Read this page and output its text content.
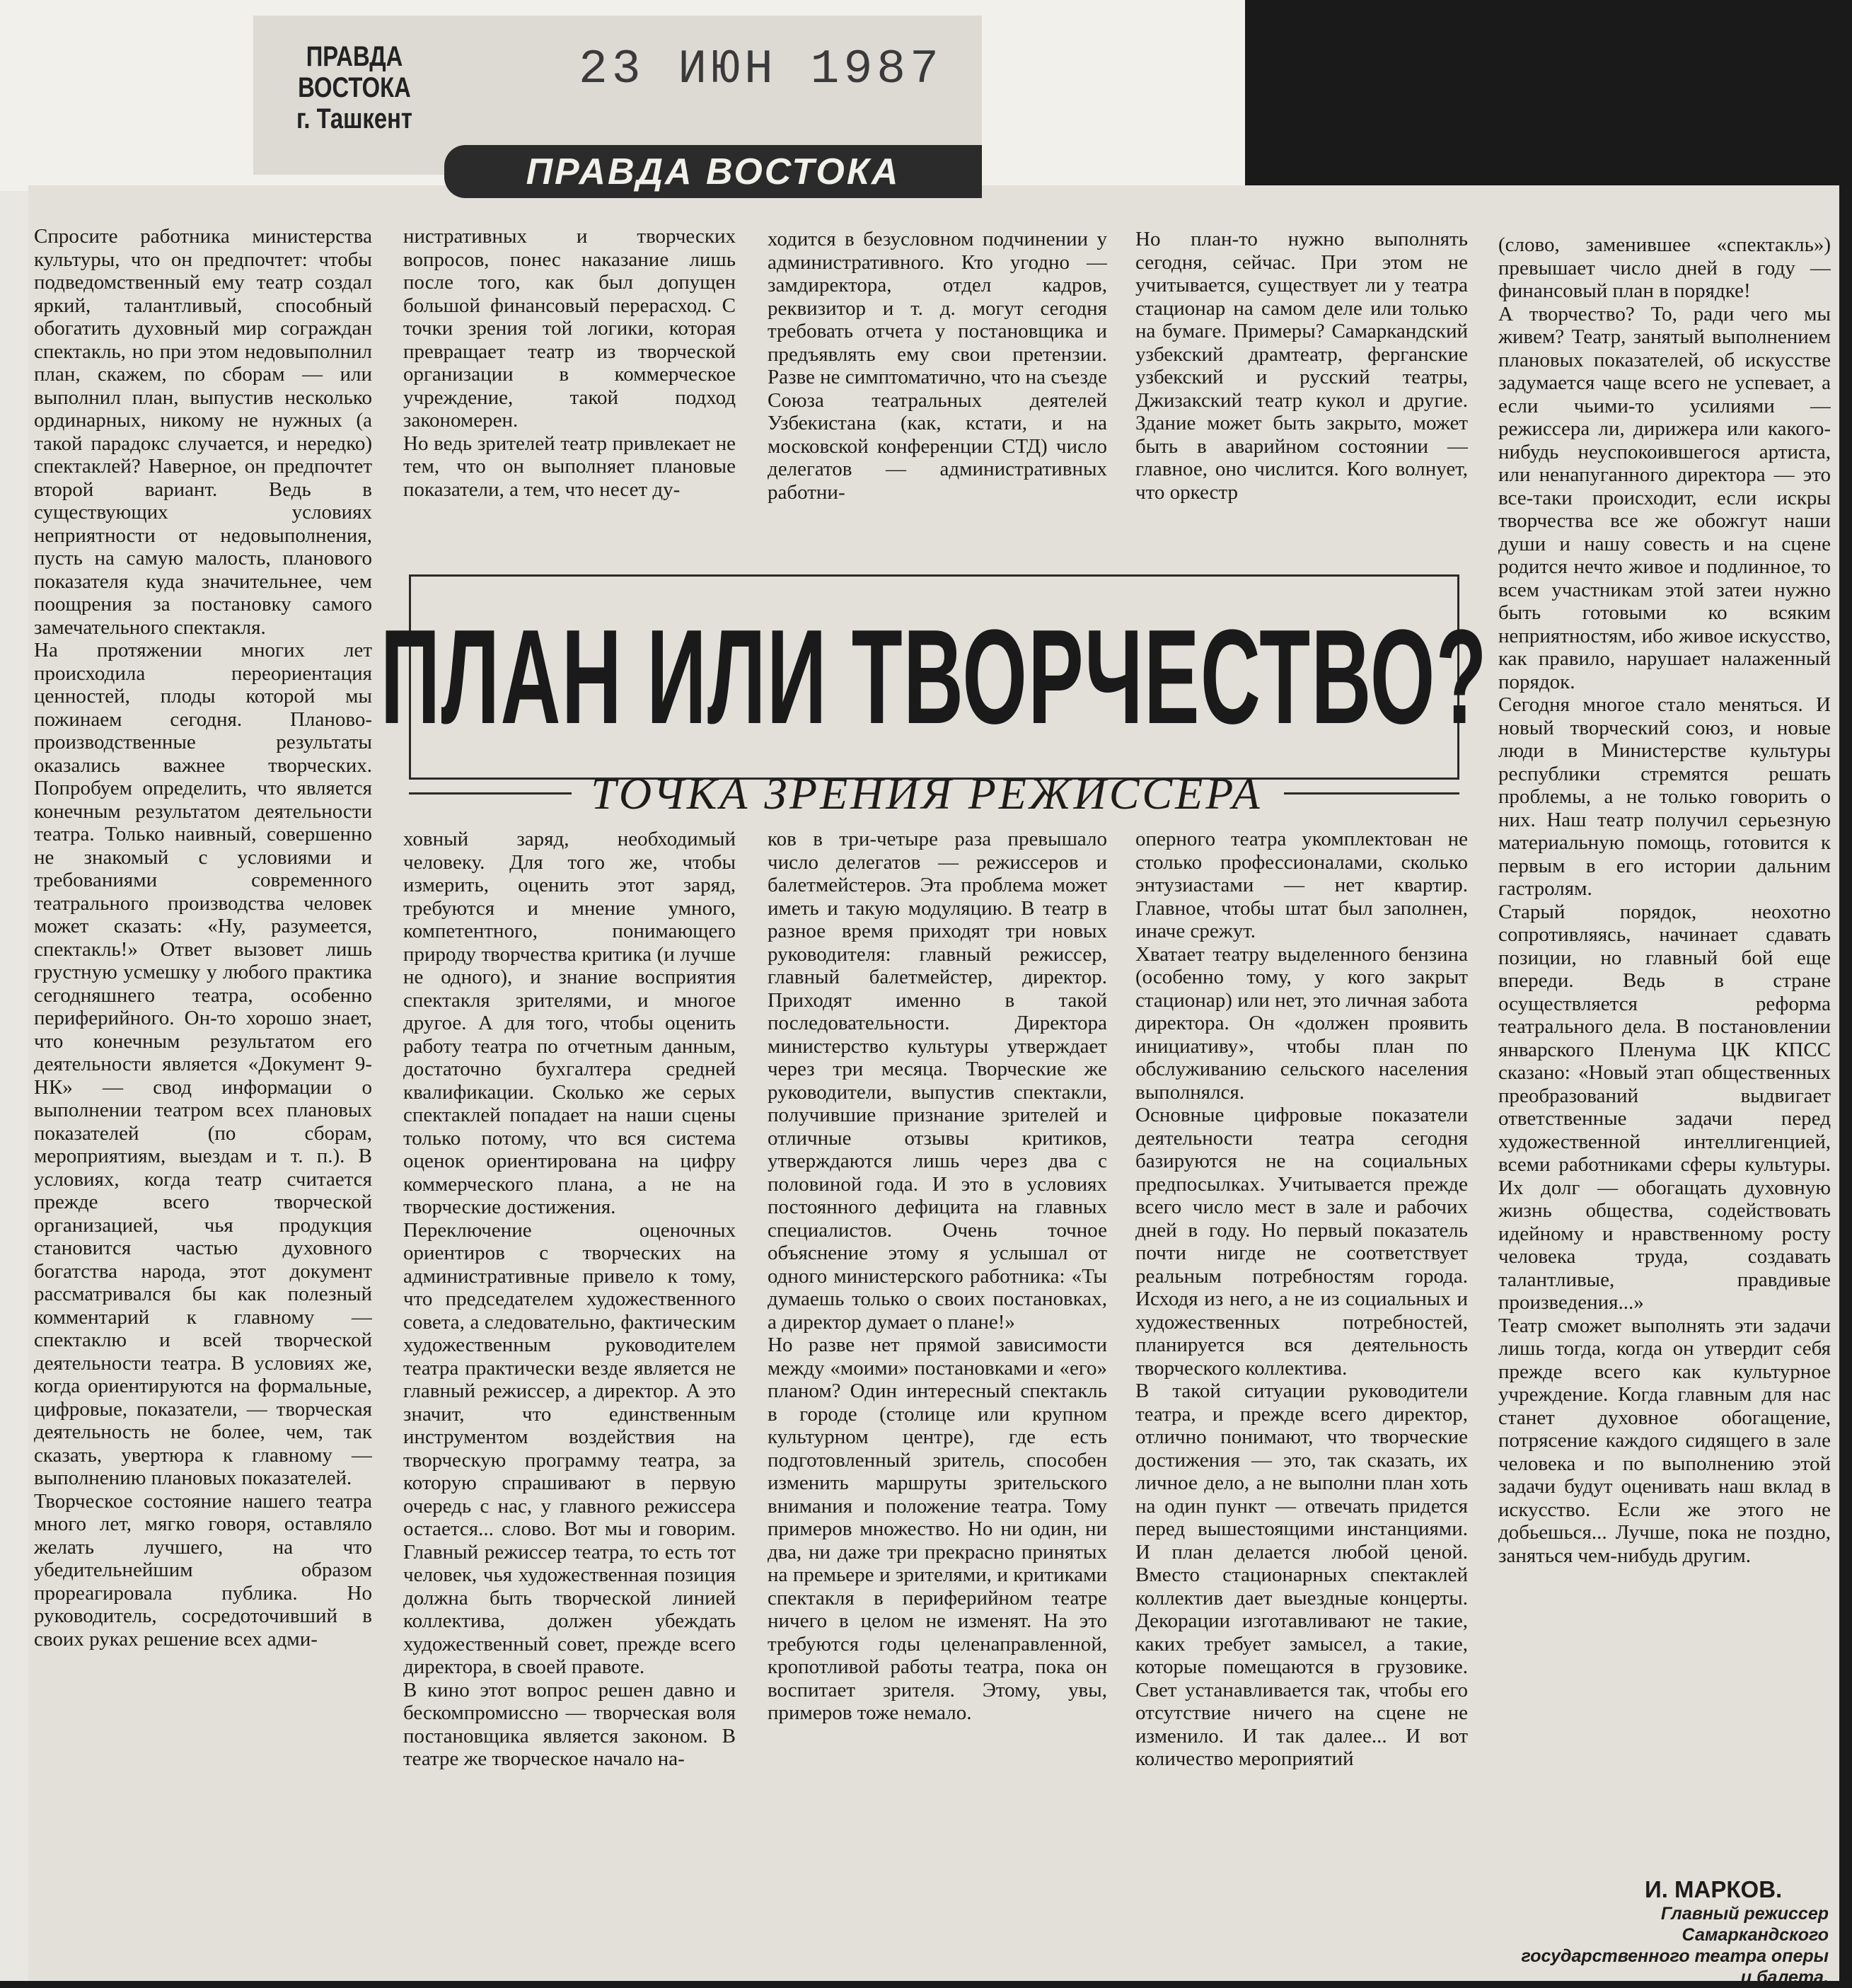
ПРАВДА ВОСТОКА
г. Ташкент
23 ИЮН 1987
ПРАВДА ВОСТОКА

Спросите работника министерства культуры, что он предпочтет: чтобы подведомственный ему театр создал яркий, талантливый, способный обогатить духовный мир сограждан спектакль, но при этом недовыполнил план, скажем, по сборам — или выполнил план, выпустив несколько ординарных, никому не нужных (а такой парадокс случается, и нередко) спектаклей? Наверное, он предпочтет второй вариант. Ведь в существующих условиях неприятности от недовыполнения, пусть на самую малость, планового показателя куда значительнее, чем поощрения за постановку самого замечательного спектакля.
На протяжении многих лет происходила переориентация ценностей, плоды которой мы пожинаем сегодня. Планово-производственные результаты оказались важнее творческих. Попробуем определить, что является конечным результатом деятельности театра. Только наивный, совершенно не знакомый с условиями и требованиями современного театрального производства человек может сказать: «Ну, разумеется, спектакль!» Ответ вызовет лишь грустную усмешку у любого практика сегодняшнего театра, особенно периферийного. Он-то хорошо знает, что конечным результатом его деятельности является «Документ 9-НК» — свод информации о выполнении театром всех плановых показателей (по сборам, мероприятиям, выездам и т. п.). В условиях, когда театр считается прежде всего творческой организацией, чья продукция становится частью духовного богатства народа, этот документ рассматривался бы как полезный комментарий к главному — спектаклю и всей творческой деятельности театра. В условиях же, когда ориентируются на формальные, цифровые, показатели, — творческая деятельность не более, чем, так сказать, увертюра к главному — выполнению плановых показателей.
Творческое состояние нашего театра много лет, мягко говоря, оставляло желать лучшего, на что убедительнейшим образом прореагировала публика. Но руководитель, сосредоточивший в своих руках решение всех адми-

нистративных и творческих вопросов, понес наказание лишь после того, как был допущен большой финансовый перерасход. С точки зрения той логики, которая превращает театр из творческой организации в коммерческое учреждение, такой подход закономерен.
Но ведь зрителей театр привлекает не тем, что он выполняет плановые показатели, а тем, что несет ду-

ходится в безусловном подчинении у административного. Кто угодно — замдиректора, отдел кадров, реквизитор и т. д. могут сегодня требовать отчета у постановщика и предъявлять ему свои претензии. Разве не симптоматично, что на съезде Союза театральных деятелей Узбекистана (как, кстати, и на московской конференции СТД) число делегатов — административных работни-

Но план-то нужно выполнять сегодня, сейчас. При этом не учитывается, существует ли у театра стационар на самом деле или только на бумаге. Примеры? Самаркандский узбекский драмтеатр, ферганские узбекский и русский театры, Джизакский театр кукол и другие. Здание может быть закрыто, может быть в аварийном состоянии — главное, оно числится. Кого волнует, что оркестр

(слово, заменившее «спектакль») превышает число дней в году — финансовый план в порядке!
А творчество? То, ради чего мы живем? Театр, занятый выполнением плановых показателей, об искусстве задумается чаще всего не успевает, а если чьими-то усилиями — режиссера ли, дирижера или какого-нибудь неуспокоившегося артиста, или ненапуганного директора — это все-таки происходит, если искры творчества все же обожгут наши души и нашу совесть и на сцене родится нечто живое и подлинное, то всем участникам этой затеи нужно быть готовыми ко всяким неприятностям, ибо живое искусство, как правило, нарушает налаженный порядок.
Сегодня многое стало меняться. И новый творческий союз, и новые люди в Министерстве культуры республики стремятся решать проблемы, а не только говорить о них. Наш театр получил серьезную материальную помощь, готовится к первым в его истории дальним гастролям.
Старый порядок, неохотно сопротивляясь, начинает сдавать позиции, но главный бой еще впереди. Ведь в стране осуществляется реформа театрального дела. В постановлении январского Пленума ЦК КПСС сказано: «Новый этап общественных преобразований выдвигает ответственные задачи перед художественной интеллигенцией, всеми работниками сферы культуры. Их долг — обогащать духовную жизнь общества, содействовать идейному и нравственному росту человека труда, создавать талантливые, правдивые произведения...»
Театр сможет выполнять эти задачи лишь тогда, когда он утвердит себя прежде всего как культурное учреждение. Когда главным для нас станет духовное обогащение, потрясение каждого сидящего в зале человека и по выполнению этой задачи будут оценивать наш вклад в искусство. Если же этого не добьешься... Лучше, пока не поздно, заняться чем-нибудь другим.

ПЛАН ИЛИ ТВОРЧЕСТВО?
ТОЧКА ЗРЕНИЯ РЕЖИССЕРА

ховный заряд, необходимый человеку. Для того же, чтобы измерить, оценить этот заряд, требуются и мнение умного, компетентного, понимающего природу творчества критика (и лучше не одного), и знание восприятия спектакля зрителями, и многое другое. А для того, чтобы оценить работу театра по отчетным данным, достаточно бухгалтера средней квалификации. Сколько же серых спектаклей попадает на наши сцены только потому, что вся система оценок ориентирована на цифру коммерческого плана, а не на творческие достижения.
Переключение оценочных ориентиров с творческих на административные привело к тому, что председателем художественного совета, а следовательно, фактическим художественным руководителем театра практически везде является не главный режиссер, а директор. А это значит, что единственным инструментом воздействия на творческую программу театра, за которую спрашивают в первую очередь с нас, у главного режиссера остается... слово. Вот мы и говорим. Главный режиссер театра, то есть тот человек, чья художественная позиция должна быть творческой линией коллектива, должен убеждать художественный совет, прежде всего директора, в своей правоте.
В кино этот вопрос решен давно и бескомпромиссно — творческая воля постановщика является законом. В театре же творческое начало на-

ков в три-четыре раза превышало число делегатов — режиссеров и балетмейстеров. Эта проблема может иметь и такую модуляцию. В театр в разное время приходят три новых руководителя: главный режиссер, главный балетмейстер, директор. Приходят именно в такой последовательности. Директора министерство культуры утверждает через три месяца. Творческие же руководители, выпустив спектакли, получившие признание зрителей и отличные отзывы критиков, утверждаются лишь через два с половиной года. И это в условиях постоянного дефицита на главных специалистов. Очень точное объяснение этому я услышал от одного министерского работника: «Ты думаешь только о своих постановках, а директор думает о плане!»
Но разве нет прямой зависимости между «моими» постановками и «его» планом? Один интересный спектакль в городе (столице или крупном культурном центре), где есть подготовленный зритель, способен изменить маршруты зрительского внимания и положение театра. Тому примеров множество. Но ни один, ни два, ни даже три прекрасно принятых на премьере и зрителями, и критиками спектакля в периферийном театре ничего в целом не изменят. На это требуются годы целенаправленной, кропотливой работы театра, пока он воспитает зрителя. Этому, увы, примеров тоже немало.

оперного театра укомплектован не столько профессионалами, сколько энтузиастами — нет квартир. Главное, чтобы штат был заполнен, иначе срежут.
Хватает театру выделенного бензина (особенно тому, у кого закрыт стационар) или нет, это личная забота директора. Он «должен проявить инициативу», чтобы план по обслуживанию сельского населения выполнялся.
Основные цифровые показатели деятельности театра сегодня базируются не на социальных предпосылках. Учитывается прежде всего число мест в зале и рабочих дней в году. Но первый показатель почти нигде не соответствует реальным потребностям города. Исходя из него, а не из социальных и художественных потребностей, планируется вся деятельность творческого коллектива.
В такой ситуации руководители театра, и прежде всего директор, отлично понимают, что творческие достижения — это, так сказать, их личное дело, а не выполни план хоть на один пункт — отвечать придется перед вышестоящими инстанциями. И план делается любой ценой. Вместо стационарных спектаклей коллектив дает выездные концерты. Декорации изготавливают не такие, каких требует замысел, а такие, которые помещаются в грузовике. Свет устанавливается так, чтобы его отсутствие ничего на сцене не изменило. И так далее... И вот количество мероприятий

И. МАРКОВ.
Главный режиссер Самаркандского государственного театра оперы и балета.
